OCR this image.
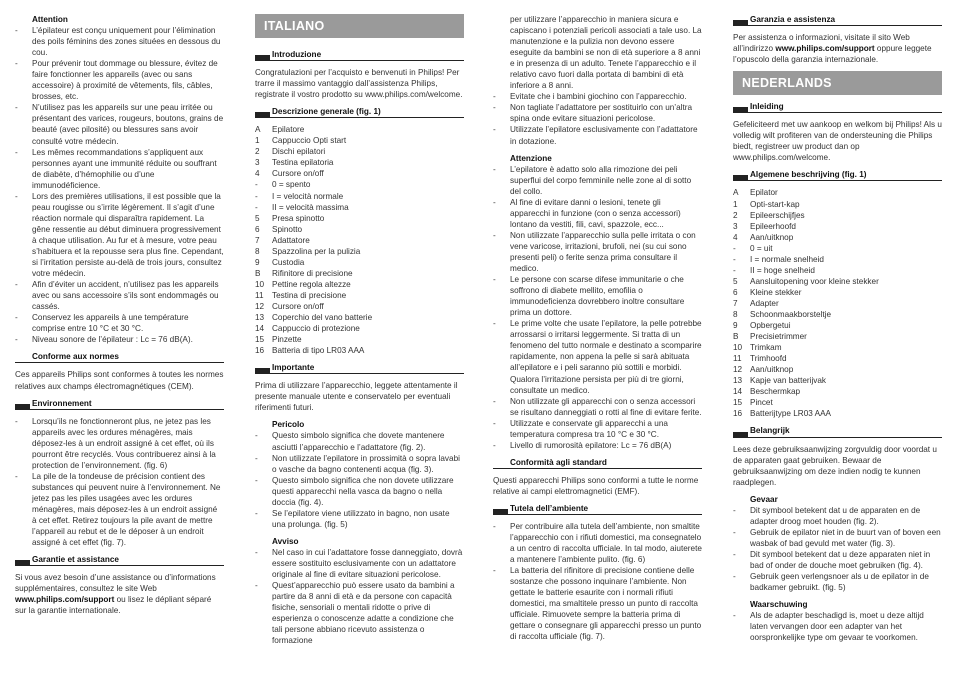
Attention

- L’épilateur est conçu uniquement pour l’élimination des poils féminins des zones situées en dessous du cou.
- Pour prévenir tout dommage ou blessure, évitez de faire fonctionner les appareils (avec ou sans accessoire) à proximité de vêtements, fils, câbles, brosses, etc.
- N’utilisez pas les appareils sur une peau irritée ou présentant des varices, rougeurs, boutons, grains de beauté (avec pilosité) ou blessures sans avoir consulté votre médecin.
- Les mêmes recommandations s’appliquent aux personnes ayant une immunité réduite ou souffrant de diabète, d’hémophilie ou d’une immunodéficience.
- Lors des premières utilisations, il est possible que la peau rougisse ou s’irrite légèrement. Il s’agit d’une réaction normale qui disparaîtra rapidement. La gêne ressentie au début diminuera progressivement à chaque utilisation. Au fur et à mesure, votre peau s’habituera et la repousse sera plus fine. Cependant, si l’irritation persiste au-delà de trois jours, consultez votre médecin.
- Afin d’éviter un accident, n’utilisez pas les appareils avec ou sans accessoire s’ils sont endommagés ou cassés.
- Conservez les appareils à une température comprise entre 10 °C et 30 °C.
- Niveau sonore de l’épilateur : Lc = 76 dB(A).

Conforme aux normes

Ces appareils Philips sont conformes à toutes les normes relatives aux champs électromagnétiques (CEM).

Environnement

- Lorsqu’ils ne fonctionneront plus, ne jetez pas les appareils avec les ordures ménagères, mais déposez-les à un endroit assigné à cet effet, où ils pourront être recyclés. Vous contribuerez ainsi à la protection de l’environnement. (fig. 6)
- La pile de la tondeuse de précision contient des substances qui peuvent nuire à l’environnement. Ne jetez pas les piles usagées avec les ordures ménagères, mais déposez-les à un endroit assigné à cet effet. Retirez toujours la pile avant de mettre l’appareil au rebut et de le déposer à un endroit assigné à cet effet (fig. 7).

Garantie et assistance

Si vous avez besoin d’une assistance ou d’informations supplémentaires, consultez le site Web www.philips.com/support ou lisez le dépliant séparé sur la garantie internationale.

ITALIANO

Introduzione

Congratulazioni per l’acquisto e benvenuti in Philips! Per trarre il massimo vantaggio dall’assistenza Philips, registrate il vostro prodotto su www.philips.com/welcome.

Descrizione generale (fig. 1)

A Epilatore
1 Cappuccio Opti start
2 Dischi epilatori
3 Testina epilatoria
4 Cursore on/off
- 0 = spento
- I = velocità normale
- II = velocità massima
5 Presa spinotto
6 Spinotto
7 Adattatore
8 Spazzolina per la pulizia
9 Custodia
B Rifinitore di precisione
10 Pettine regola altezze
11 Testina di precisione
12 Cursore on/off
13 Coperchio del vano batterie
14 Cappuccio di protezione
15 Pinzette
16 Batteria di tipo LR03 AAA

Importante

Prima di utilizzare l’apparecchio, leggete attentamente il presente manuale utente e conservatelo per eventuali riferimenti futuri.

Pericolo

- Questo simbolo significa che dovete mantenere asciutti l’apparecchio e l’adattatore (fig. 2).
- Non utilizzate l’epilatore in prossimità o sopra lavabi o vasche da bagno contenenti acqua (fig. 3).
- Questo simbolo significa che non dovete utilizzare questi apparecchi nella vasca da bagno o nella doccia (fig. 4).
- Se l’epilatore viene utilizzato in bagno, non usate una prolunga. (fig. 5)

Avviso

- Nel caso in cui l’adattatore fosse danneggiato, dovrà essere sostituito esclusivamente con un adattatore originale al fine di evitare situazioni pericolose.
- Quest’apparecchio può essere usato da bambini a partire da 8 anni di età e da persone con capacità fisiche, sensoriali o mentali ridotte o prive di esperienza o conoscenze adatte a condizione che tali persone abbiano ricevuto assistenza o formazione

per utilizzare l’apparecchio in maniera sicura e capiscano i potenziali pericoli associati a tale uso. La manutenzione e la pulizia non devono essere eseguite da bambini se non di età superiore a 8 anni e in presenza di un adulto. Tenete l’apparecchio e il relativo cavo fuori dalla portata di bambini di età inferiore a 8 anni.

- Evitate che i bambini giochino con l’apparecchio.
- Non tagliate l’adattatore per sostituirlo con un’altra spina onde evitare situazioni pericolose.
- Utilizzate l’epilatore esclusivamente con l’adattatore in dotazione.

Attenzione

- L’epilatore è adatto solo alla rimozione dei peli superflui del corpo femminile nelle zone al di sotto del collo.
- Al fine di evitare danni o lesioni, tenete gli apparecchi in funzione (con o senza accessori) lontano da vestiti, fili, cavi, spazzole, ecc...
- Non utilizzate l’apparecchio sulla pelle irritata o con vene varicose, irritazioni, brufoli, nei (su cui sono presenti peli) o ferite senza prima consultare il medico.
- Le persone con scarse difese immunitarie o che soffrono di diabete mellito, emofilia o immunodeficienza dovrebbero inoltre consultare prima un dottore.
- Le prime volte che usate l’epilatore, la pelle potrebbe arrossarsi o irritarsi leggermente. Si tratta di un fenomeno del tutto normale e destinato a scomparire rapidamente, non appena la pelle si sarà abituata all’epilatore e i peli saranno più sottili e morbidi. Qualora l’irritazione persista per più di tre giorni, consultate un medico.
- Non utilizzate gli apparecchi con o senza accessori se risultano danneggiati o rotti al fine di evitare ferite.
- Utilizzate e conservate gli apparecchi a una temperatura compresa tra 10 °C e 30 °C.
- Livello di rumorosità epilatore: Lc = 76 dB(A)

Conformità agli standard

Questi apparecchi Philips sono conformi a tutte le norme relative ai campi elettromagnetici (EMF).

Tutela dell’ambiente

- Per contribuire alla tutela dell’ambiente, non smaltite l’apparecchio con i rifiuti domestici, ma consegnatelo a un centro di raccolta ufficiale. In tal modo, aiuterete a mantenere l’ambiente pulito. (fig. 6)
- La batteria del rifinitore di precisione contiene delle sostanze che possono inquinare l’ambiente. Non gettate le batterie esaurite con i normali rifiuti domestici, ma smaltitele presso un punto di raccolta ufficiale. Rimuovete sempre la batteria prima di gettare o consegnare gli apparecchi presso un punto di raccolta ufficiale (fig. 7).

Garanzia e assistenza

Per assistenza o informazioni, visitate il sito Web all’indirizzo www.philips.com/support oppure leggete l’opuscolo della garanzia internazionale.

NEDERLANDS

Inleiding

Gefeliciteerd met uw aankoop en welkom bij Philips! Als u volledig wilt profiteren van de ondersteuning die Philips biedt, registreer uw product dan op www.philips.com/welcome.

Algemene beschrijving (fig. 1)

A Epilator
1 Opti-start-kap
2 Epileerschijfjes
3 Epileerhoofd
4 Aan/uitknop
- 0 = uit
- I = normale snelheid
- II = hoge snelheid
5 Aansluitopening voor kleine stekker
6 Kleine stekker
7 Adapter
8 Schoonmaakborsteltje
9 Opbergetui
B Precisietrimmer
10 Trimkam
11 Trimhoofd
12 Aan/uitknop
13 Kapje van batterijvak
14 Beschermkap
15 Pincet
16 Batterijtype LR03 AAA

Belangrijk

Lees deze gebruiksaanwijzing zorgvuldig door voordat u de apparaten gaat gebruiken. Bewaar de gebruiksaanwijzing om deze indien nodig te kunnen raadplegen.

Gevaar

- Dit symbool betekent dat u de apparaten en de adapter droog moet houden (fig. 2).
- Gebruik de epilator niet in de buurt van of boven een wasbak of bad gevuld met water (fig. 3).
- Dit symbool betekent dat u deze apparaten niet in bad of onder de douche moet gebruiken (fig. 4).
- Gebruik geen verlengsnoer als u de epilator in de badkamer gebruikt. (fig. 5)

Waarschuwing

- Als de adapter beschadigd is, moet u deze altijd laten vervangen door een adapter van het oorspronkelijke type om gevaar te voorkomen.
